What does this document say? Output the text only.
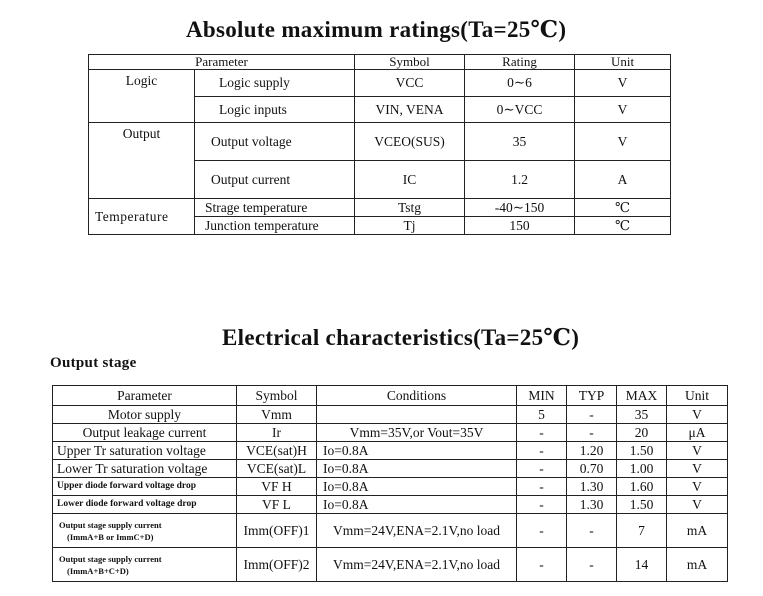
Absolute maximum ratings(Ta=25℃)
Parameter		Symbol	Rating	Unit
Logic	Logic supply	VCC	0∼6	V
	Logic inputs	VIN, VENA	0∼VCC	V
Output	Output voltage	VCEO(SUS)	35	V
	Output current	IC	1.2	A
Temperature	Strage temperature	Tstg	-40∼150	℃
	Junction temperature	Tj	150	℃
Electrical characteristics(Ta=25℃)
Output stage
Parameter	Symbol	Conditions	MIN	TYP	MAX	Unit
Motor supply	Vmm		5	-	35	V
Output leakage current	Ir	Vmm=35V,or Vout=35V	-	-	20	μA
Upper Tr saturation voltage	VCE(sat)H	Io=0.8A	-	1.20	1.50	V
Lower Tr saturation voltage	VCE(sat)L	Io=0.8A	-	0.70	1.00	V
Upper diode forward voltage drop	VF H	Io=0.8A	-	1.30	1.60	V
Lower diode forward voltage drop	VF L	Io=0.8A	-	1.30	1.50	V

Output stage supply current
(ImmA+B or ImmC+D)	Imm(OFF)1	Vmm=24V,ENA=2.1V,no load	-	-	7	mA

Output stage supply current
(ImmA+B+C+D)	Imm(OFF)2	Vmm=24V,ENA=2.1V,no load	-	-	14	mA
